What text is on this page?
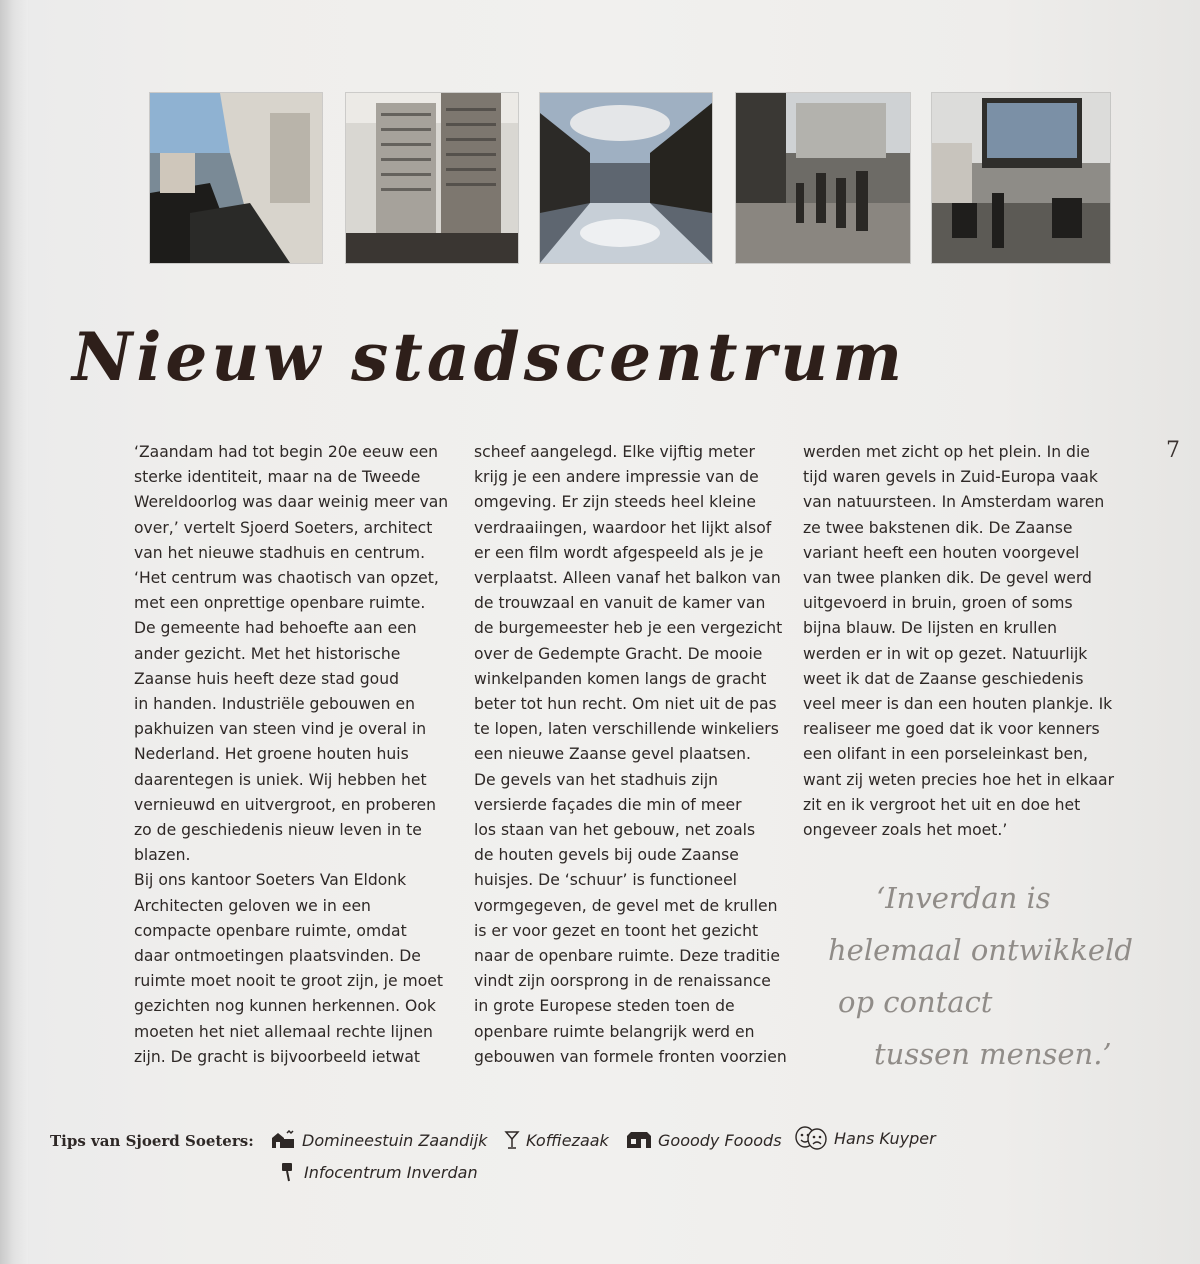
Nieuw stadscentrum

‘Zaandam had tot begin 20e eeuw een

sterke identiteit, maar na de Tweede

Wereldoorlog was daar weinig meer van

over,’ vertelt Sjoerd Soeters, architect

van het nieuwe stadhuis en centrum.

‘Het centrum was chaotisch van opzet,

met een onprettige openbare ruimte.

De gemeente had behoefte aan een

ander gezicht. Met het historische

Zaanse huis heeft deze stad goud

in handen. Industriële gebouwen en

pakhuizen van steen vind je overal in

Nederland. Het groene houten huis

daarentegen is uniek. Wij hebben het

vernieuwd en uitvergroot, en proberen

zo de geschiedenis nieuw leven in te

blazen.

Bij ons kantoor Soeters Van Eldonk

Architecten geloven we in een

compacte openbare ruimte, omdat

daar ontmoetingen plaatsvinden. De

ruimte moet nooit te groot zijn, je moet

gezichten nog kunnen herkennen. Ook

moeten het niet allemaal rechte lijnen

zijn. De gracht is bijvoorbeeld ietwat

scheef aangelegd. Elke vijftig meter

krijg je een andere impressie van de

omgeving. Er zijn steeds heel kleine

verdraaiingen, waardoor het lijkt alsof

er een film wordt afgespeeld als je je

verplaatst. Alleen vanaf het balkon van

de trouwzaal en vanuit de kamer van

de burgemeester heb je een vergezicht

over de Gedempte Gracht. De mooie

winkelpanden komen langs de gracht

beter tot hun recht. Om niet uit de pas

te lopen, laten verschillende winkeliers

een nieuwe Zaanse gevel plaatsen.

De gevels van het stadhuis zijn

versierde façades die min of meer

los staan van het gebouw, net zoals

de houten gevels bij oude Zaanse

huisjes. De ‘schuur’ is functioneel

vormgegeven, de gevel met de krullen

is er voor gezet en toont het gezicht

naar de openbare ruimte. Deze traditie

vindt zijn oorsprong in de renaissance

in grote Europese steden toen de

openbare ruimte belangrijk werd en

gebouwen van formele fronten voorzien

werden met zicht op het plein. In die

tijd waren gevels in Zuid-Europa vaak

van natuursteen. In Amsterdam waren

ze twee bakstenen dik. De Zaanse

variant heeft een houten voorgevel

van twee planken dik. De gevel werd

uitgevoerd in bruin, groen of soms

bijna blauw. De lijsten en krullen

werden er in wit op gezet. Natuurlijk

weet ik dat de Zaanse geschiedenis

veel meer is dan een houten plankje. Ik

realiseer me goed dat ik voor kenners

een olifant in een porseleinkast ben,

want zij weten precies hoe het in elkaar

zit en ik vergroot het uit en doe het

ongeveer zoals het moet.’

7

‘Inverdan is

helemaal ontwikkeld

op contact

tussen mensen.’

Tips van Sjoerd Soeters:	Domineestuin Zaandijk Koffiezaak	Gooody Fooods	Hans Kuyper
Infocentrum Inverdan
